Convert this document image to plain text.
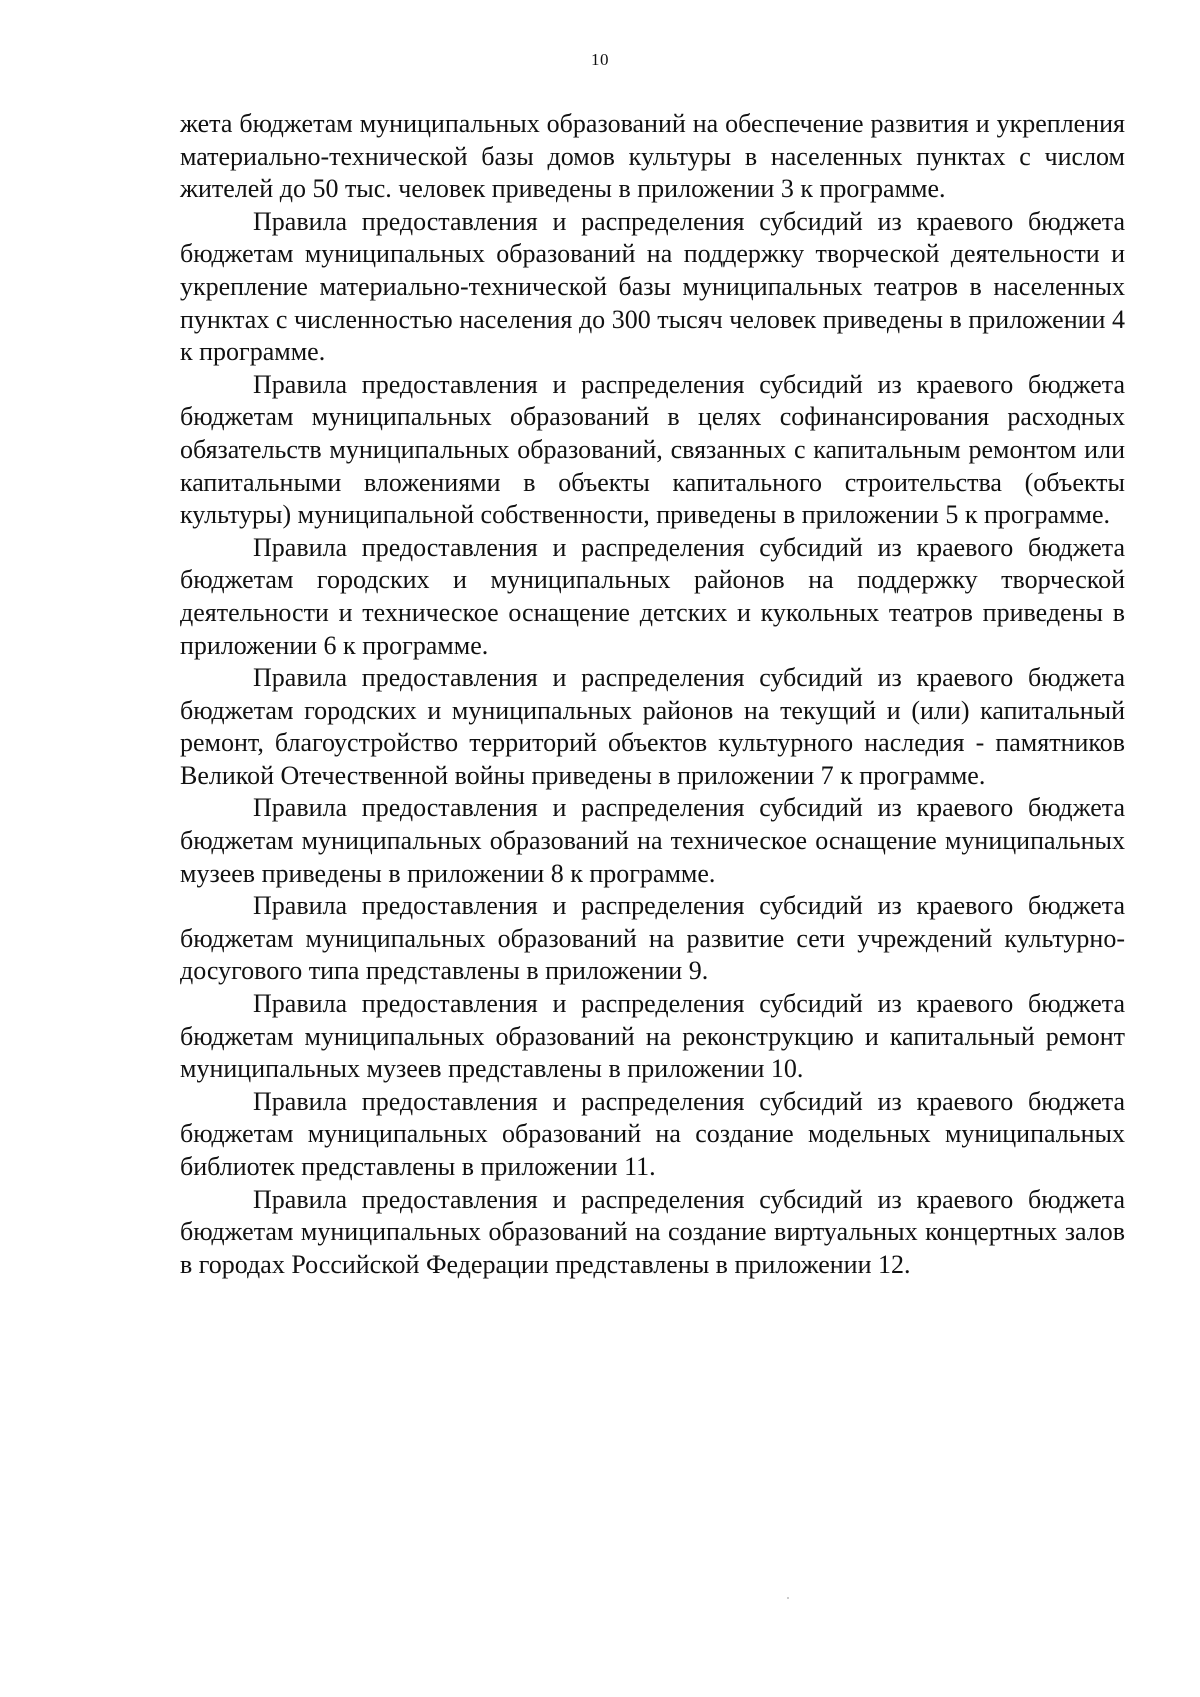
10

жета бюджетам муниципальных образований на обеспечение развития и укрепления материально-технической базы домов культуры в населенных пунктах с числом жителей до 50 тыс. человек приведены в приложении 3 к программе.

Правила предоставления и распределения субсидий из краевого бюджета бюджетам муниципальных образований на поддержку творческой деятельности и укрепление материально-технической базы муниципальных театров в населенных пунктах с численностью населения до 300 тысяч человек приведены в приложении 4 к программе.

Правила предоставления и распределения субсидий из краевого бюджета бюджетам муниципальных образований в целях софинансирования расходных обязательств муниципальных образований, связанных с капитальным ремонтом или капитальными вложениями в объекты капитального строительства (объекты культуры) муниципальной собственности, приведены в приложении 5 к программе.

Правила предоставления и распределения субсидий из краевого бюджета бюджетам городских и муниципальных районов на поддержку творческой деятельности и техническое оснащение детских и кукольных театров приведены в приложении 6 к программе.

Правила предоставления и распределения субсидий из краевого бюджета бюджетам городских и муниципальных районов на текущий и (или) капитальный ремонт, благоустройство территорий объектов культурного наследия - памятников Великой Отечественной войны приведены в приложении 7 к программе.

Правила предоставления и распределения субсидий из краевого бюджета бюджетам муниципальных образований на техническое оснащение муниципальных музеев приведены в приложении 8 к программе.

Правила предоставления и распределения субсидий из краевого бюджета бюджетам муниципальных образований на развитие сети учреждений культурно-досугового типа представлены в приложении 9.

Правила предоставления и распределения субсидий из краевого бюджета бюджетам муниципальных образований на реконструкцию и капитальный ремонт муниципальных музеев представлены в приложении 10.

Правила предоставления и распределения субсидий из краевого бюджета бюджетам муниципальных образований на создание модельных муниципальных библиотек представлены в приложении 11.

Правила предоставления и распределения субсидий из краевого бюджета бюджетам муниципальных образований на создание виртуальных концертных залов в городах Российской Федерации представлены в приложении 12.
